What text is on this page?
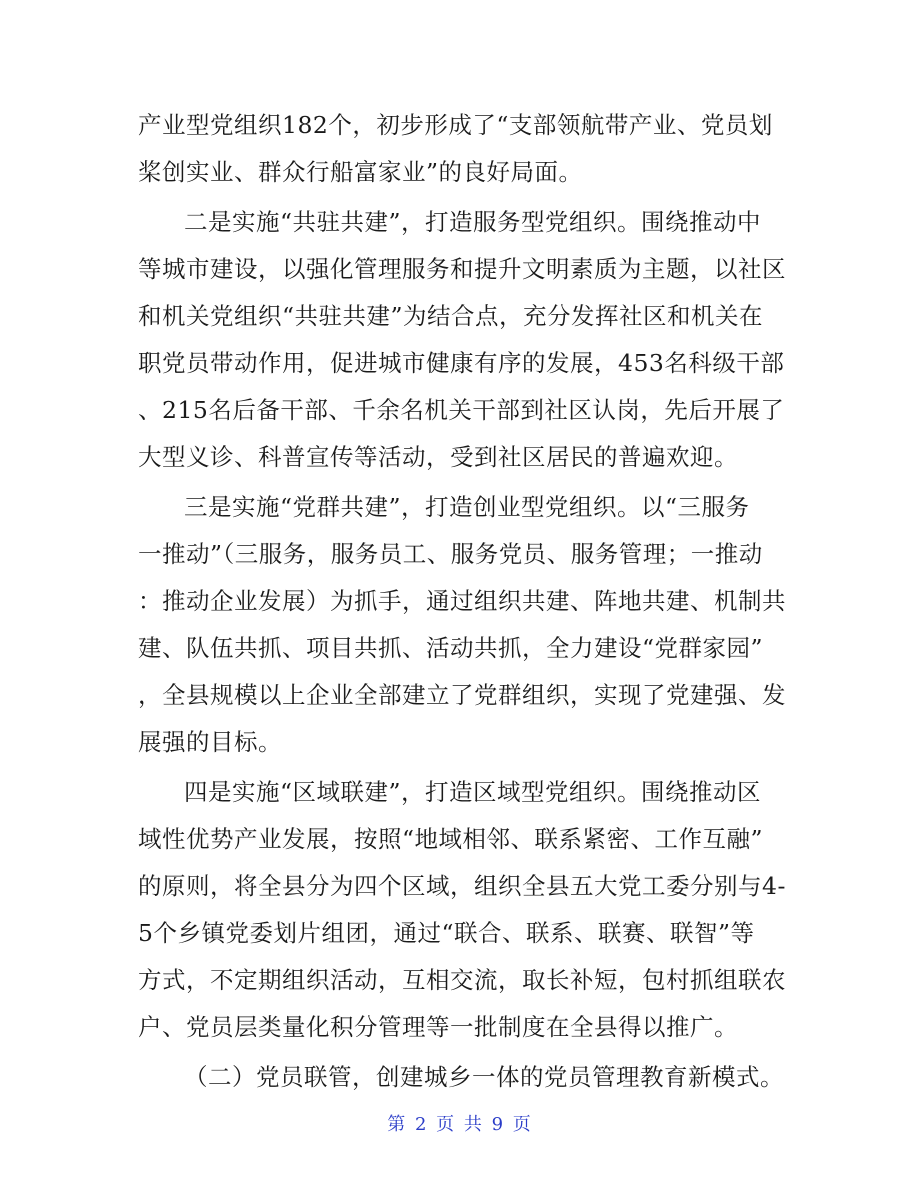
产业型党组织182个，初步形成了“支部领航带产业、党员划
桨创实业、群众行船富家业”的良好局面。
二是实施“共驻共建”，打造服务型党组织。围绕推动中
等城市建设，以强化管理服务和提升文明素质为主题，以社区
和机关党组织“共驻共建”为结合点，充分发挥社区和机关在
职党员带动作用，促进城市健康有序的发展，453名科级干部
、215名后备干部、千余名机关干部到社区认岗，先后开展了
大型义诊、科普宣传等活动，受到社区居民的普遍欢迎。
三是实施“党群共建”，打造创业型党组织。以“三服务
一推动”（三服务，服务员工、服务党员、服务管理；一推动
：推动企业发展）为抓手，通过组织共建、阵地共建、机制共
建、队伍共抓、项目共抓、活动共抓，全力建设“党群家园”
，全县规模以上企业全部建立了党群组织，实现了党建强、发
展强的目标。
四是实施“区域联建”，打造区域型党组织。围绕推动区
域性优势产业发展，按照“地域相邻、联系紧密、工作互融”
的原则，将全县分为四个区域，组织全县五大党工委分别与4-
5个乡镇党委划片组团，通过“联合、联系、联赛、联智”等
方式，不定期组织活动，互相交流，取长补短，包村抓组联农
户、党员层类量化积分管理等一批制度在全县得以推广。
（二）党员联管，创建城乡一体的党员管理教育新模式。
第 2 页 共 9 页
